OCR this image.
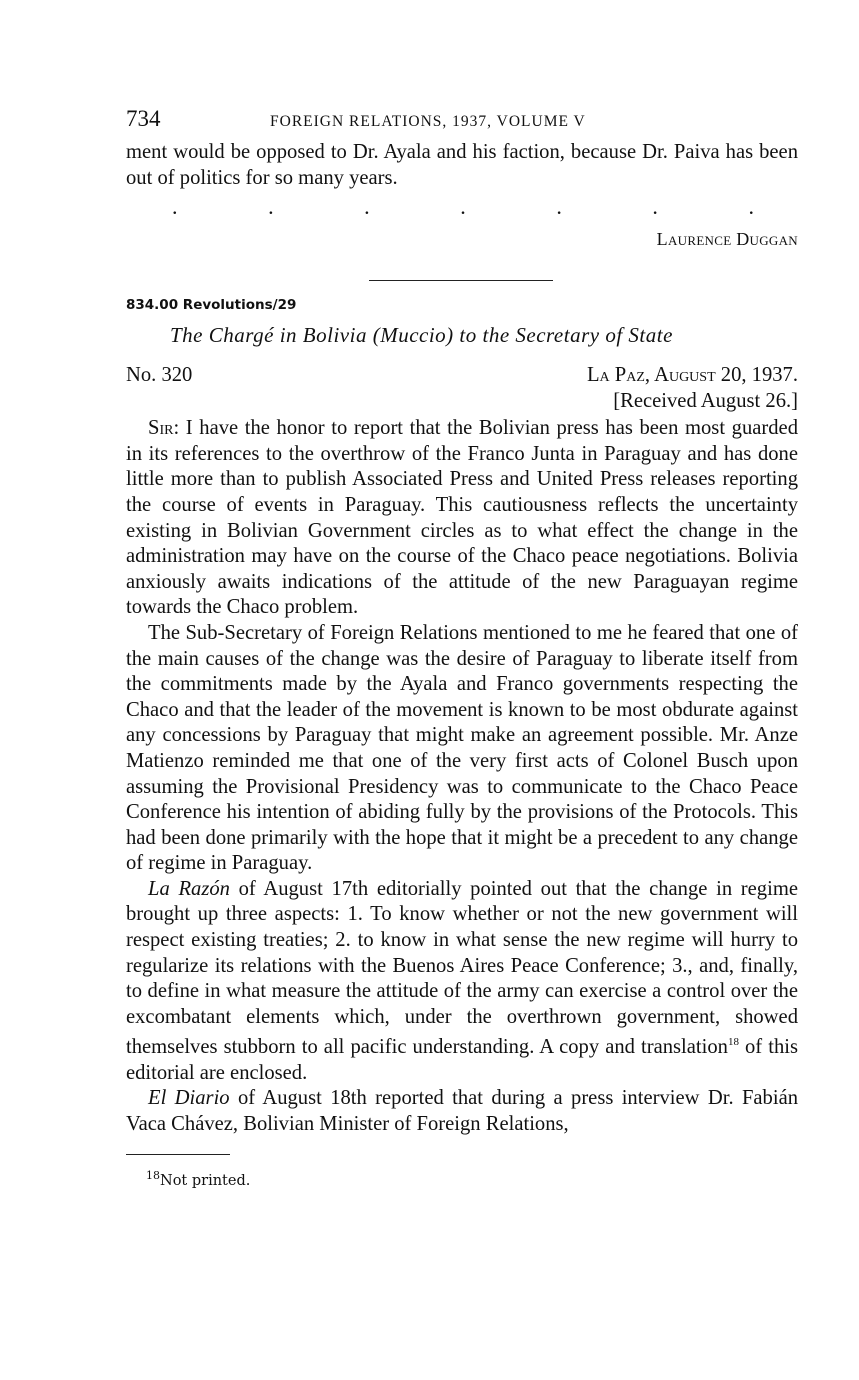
734	FOREIGN RELATIONS, 1937, VOLUME V

ment would be opposed to Dr. Ayala and his faction, because Dr. Paiva has been out of politics for so many years.

.	.	.	.	.	.	.
Laurence Duggan
834.00 Revolutions/29
The Chargé in Bolivia (Muccio) to the Secretary of State
No. 320	La Paz, August 20, 1937.
[Received August 26.]

Sir: I have the honor to report that the Bolivian press has been most guarded in its references to the overthrow of the Franco Junta in Paraguay and has done little more than to publish Associated Press and United Press releases reporting the course of events in Paraguay. This cautiousness reflects the uncertainty existing in Bolivian Government circles as to what effect the change in the administration may have on the course of the Chaco peace negotiations. Bolivia anxiously awaits indications of the attitude of the new Paraguayan regime towards the Chaco problem.

The Sub-Secretary of Foreign Relations mentioned to me he feared that one of the main causes of the change was the desire of Paraguay to liberate itself from the commitments made by the Ayala and Franco governments respecting the Chaco and that the leader of the movement is known to be most obdurate against any concessions by Paraguay that might make an agreement possible. Mr. Anze Matienzo reminded me that one of the very first acts of Colonel Busch upon assuming the Provisional Presidency was to communicate to the Chaco Peace Conference his intention of abiding fully by the provisions of the Protocols. This had been done primarily with the hope that it might be a precedent to any change of regime in Paraguay.

La Razón of August 17th editorially pointed out that the change in regime brought up three aspects: 1. To know whether or not the new government will respect existing treaties; 2. to know in what sense the new regime will hurry to regularize its relations with the Buenos Aires Peace Conference; 3., and, finally, to define in what measure the attitude of the army can exercise a control over the excombatant elements which, under the overthrown government, showed themselves stubborn to all pacific understanding. A copy and translation$^{18}$ of this editorial are enclosed.

El Diario of August 18th reported that during a press interview Dr. Fabián Vaca Chávez, Bolivian Minister of Foreign Relations,

$^{18}$Not printed.
